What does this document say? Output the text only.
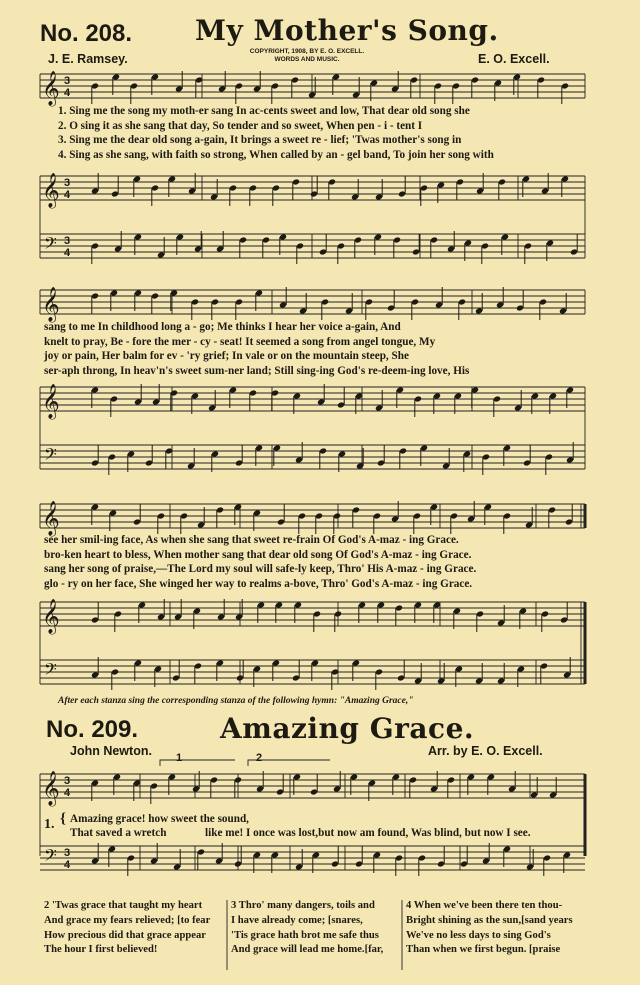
No. 208. My Mother's Song.
COPYRIGHT, 1908, BY E. O. EXCELL.
WORDS AND MUSIC.
J. E. Ramsey.	E. O. Excell.
𝄞
𝄞
𝄢
𝄞
𝄞
𝄢
𝄞
𝄞
𝄢
𝄞
𝄢
3
4
3
4
3
4
3
4
3
4
1. Sing me the song my moth-er sang In ac-cents sweet and low, That dear old song she
2. O sing it as she sang that day, So tender and so sweet, When pen - i - tent I
3. Sing me the dear old song a-gain, It brings a sweet re - lief; 'Twas mother's song in
4. Sing as she sang, with faith so strong, When called by an - gel band, To join her song with
sang to me In childhood long a - go; Me thinks I hear her voice a-gain, And
knelt to pray, Be - fore the mer - cy - seat! It seemed a song from angel tongue, My
joy or pain, Her balm for ev - 'ry grief; In vale or on the mountain steep, She
ser-aph throng, In heav'n's sweet sum-ner land; Still sing-ing God's re-deem-ing love, His
see her smil-ing face, As when she sang that sweet re-frain Of God's A-maz - ing Grace.
bro-ken heart to bless, When mother sang that dear old song Of God's A-maz - ing Grace.
sang her song of praise,—The Lord my soul will safe-ly keep, Thro' His A-maz - ing Grace.
glo - ry on her face, She winged her way to realms a-bove, Thro' God's A-maz - ing Grace.
After each stanza sing the corresponding stanza of the following hymn: "Amazing Grace,"
No. 209.	Amazing Grace.
John Newton.	Arr. by E. O. Excell.
1	2
1. { Amazing grace! how sweet the sound,
That saved a wretch	like me! I once was lost,but now am found, Was blind, but now I see.
2 'Twas grace that taught my heart
And grace my fears relieved; [to fear
How precious did that grace appear
The hour I first believed!
3 Thro' many dangers, toils and
I have already come; [snares,
'Tis grace hath brot me safe thus
And grace will lead me home.[far,
4 When we've been there ten thou-
Bright shining as the sun,[sand years
We've no less days to sing God's
Than when we first begun. [praise
